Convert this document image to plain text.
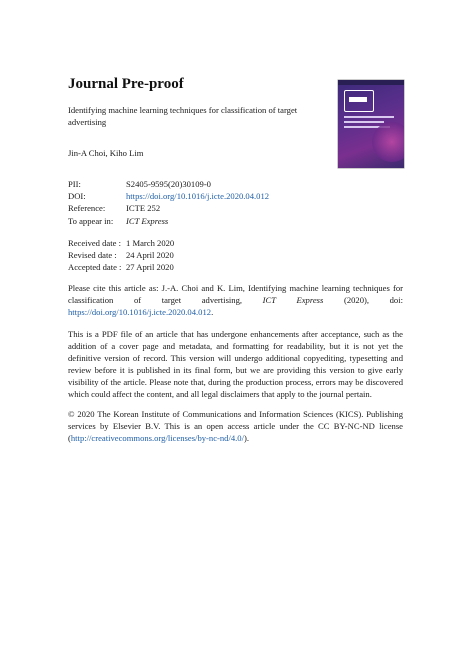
Journal Pre-proof
Identifying machine learning techniques for classification of target advertising
Jin-A Choi, Kiho Lim
PII:	S2405-9595(20)30109-0
DOI:	https://doi.org/10.1016/j.icte.2020.04.012
Reference:	ICTE 252
To appear in:	ICT Express
Received date : 1 March 2020
Revised date :	24 April 2020
Accepted date : 27 April 2020
Please cite this article as: J.-A. Choi and K. Lim, Identifying machine learning techniques for classification of target advertising, ICT Express (2020), doi: https://doi.org/10.1016/j.icte.2020.04.012.
This is a PDF file of an article that has undergone enhancements after acceptance, such as the addition of a cover page and metadata, and formatting for readability, but it is not yet the definitive version of record. This version will undergo additional copyediting, typesetting and review before it is published in its final form, but we are providing this version to give early visibility of the article. Please note that, during the production process, errors may be discovered which could affect the content, and all legal disclaimers that apply to the journal pertain.
© 2020 The Korean Institute of Communications and Information Sciences (KICS). Publishing services by Elsevier B.V. This is an open access article under the CC BY-NC-ND license (http://creativecommons.org/licenses/by-nc-nd/4.0/).
